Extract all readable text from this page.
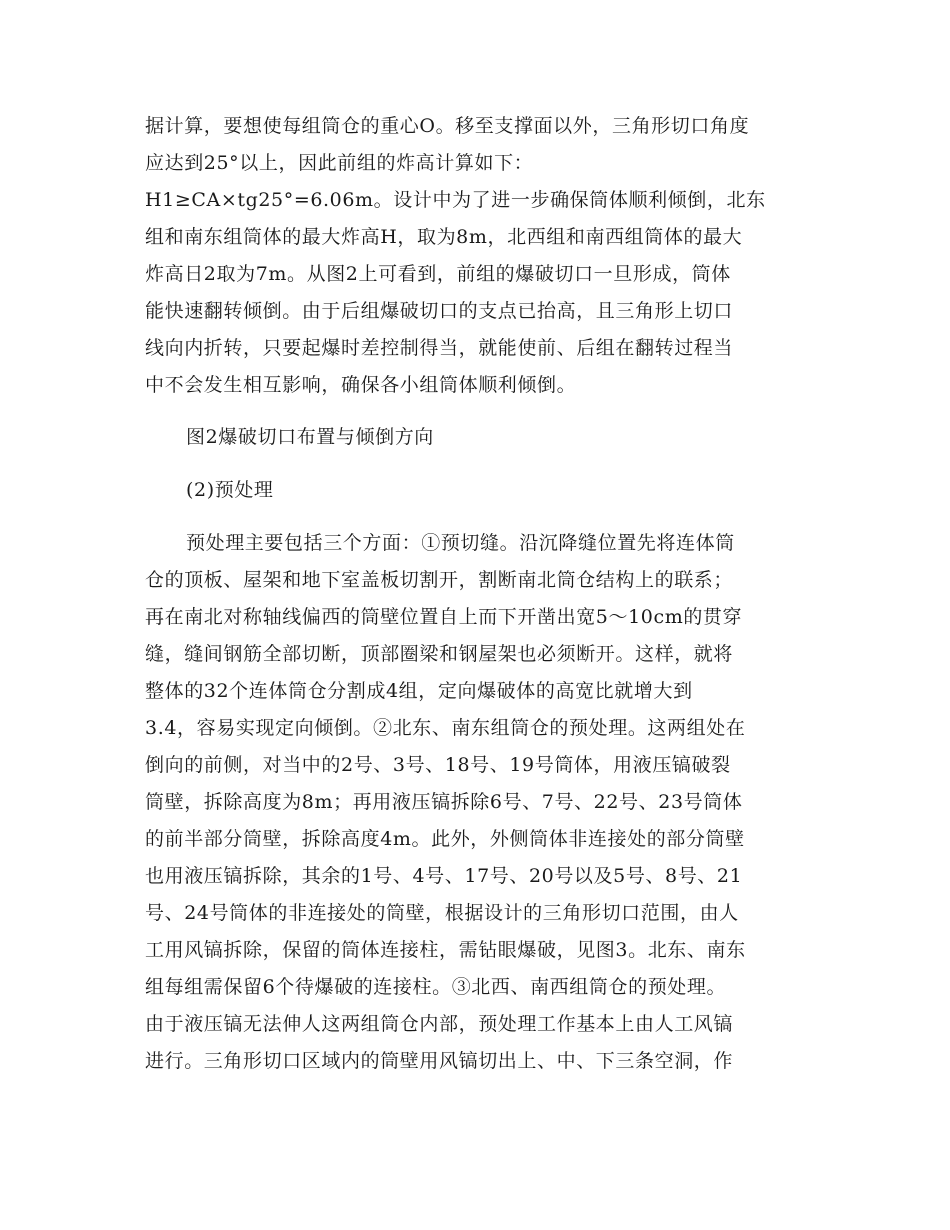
据计算，要想使每组筒仓的重心O。移至支撑面以外，三角形切口角度
应达到25°以上，因此前组的炸高计算如下：
H1≥CA×tg25°=6.06m。设计中为了进一步确保筒体顺利倾倒，北东
组和南东组筒体的最大炸高H，取为8m，北西组和南西组筒体的最大
炸高日2取为7m。从图2上可看到，前组的爆破切口一旦形成，筒体
能快速翻转倾倒。由于后组爆破切口的支点已抬高，且三角形上切口
线向内折转，只要起爆时差控制得当，就能使前、后组在翻转过程当
中不会发生相互影响，确保各小组筒体顺利倾倒。
图2爆破切口布置与倾倒方向
(2)预处理
预处理主要包括三个方面：①预切缝。沿沉降缝位置先将连体筒
仓的顶板、屋架和地下室盖板切割开，割断南北筒仓结构上的联系；
再在南北对称轴线偏西的筒壁位置自上而下开凿出宽5～10cm的贯穿
缝，缝间钢筋全部切断，顶部圈梁和钢屋架也必须断开。这样，就将
整体的32个连体筒仓分割成4组，定向爆破体的高宽比就增大到
3.4，容易实现定向倾倒。②北东、南东组筒仓的预处理。这两组处在
倒向的前侧，对当中的2号、3号、18号、19号筒体，用液压镐破裂
筒壁，拆除高度为8m；再用液压镐拆除6号、7号、22号、23号筒体
的前半部分筒壁，拆除高度4m。此外，外侧筒体非连接处的部分筒壁
也用液压镐拆除，其余的1号、4号、17号、20号以及5号、8号、21
号、24号筒体的非连接处的筒壁，根据设计的三角形切口范围，由人
工用风镐拆除，保留的筒体连接柱，需钻眼爆破，见图3。北东、南东
组每组需保留6个待爆破的连接柱。③北西、南西组筒仓的预处理。
由于液压镐无法伸人这两组筒仓内部，预处理工作基本上由人工风镐
进行。三角形切口区域内的筒壁用风镐切出上、中、下三条空洞，作
